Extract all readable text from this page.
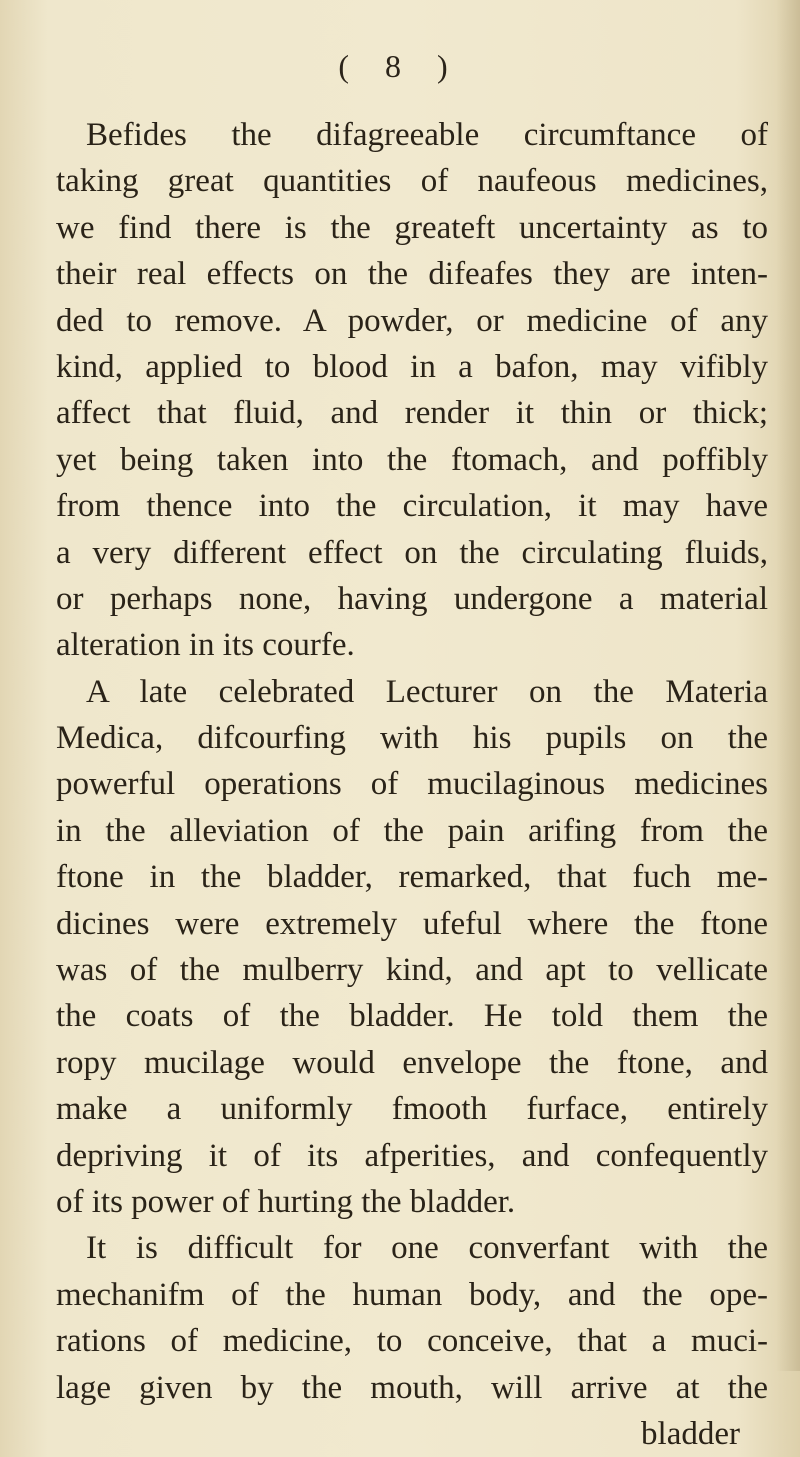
( 8 )
Befides the difagreeable circumftance of
taking great quantities of naufeous medicines,
we find there is the greateft uncertainty as to
their real effects on the difeafes they are inten-
ded to remove. A powder, or medicine of any
kind, applied to blood in a bafon, may vifibly
affect that fluid, and render it thin or thick;
yet being taken into the ftomach, and poffibly
from thence into the circulation, it may have
a very different effect on the circulating fluids,
or perhaps none, having undergone a material
alteration in its courfe.
A late celebrated Lecturer on the Materia
Medica, difcourfing with his pupils on the
powerful operations of mucilaginous medicines
in the alleviation of the pain arifing from the
ftone in the bladder, remarked, that fuch me-
dicines were extremely ufeful where the ftone
was of the mulberry kind, and apt to vellicate
the coats of the bladder. He told them the
ropy mucilage would envelope the ftone, and
make a uniformly fmooth furface, entirely
depriving it of its afperities, and confequently
of its power of hurting the bladder.
It is difficult for one converfant with the
mechanifm of the human body, and the ope-
rations of medicine, to conceive, that a muci-
lage given by the mouth, will arrive at the
bladder
